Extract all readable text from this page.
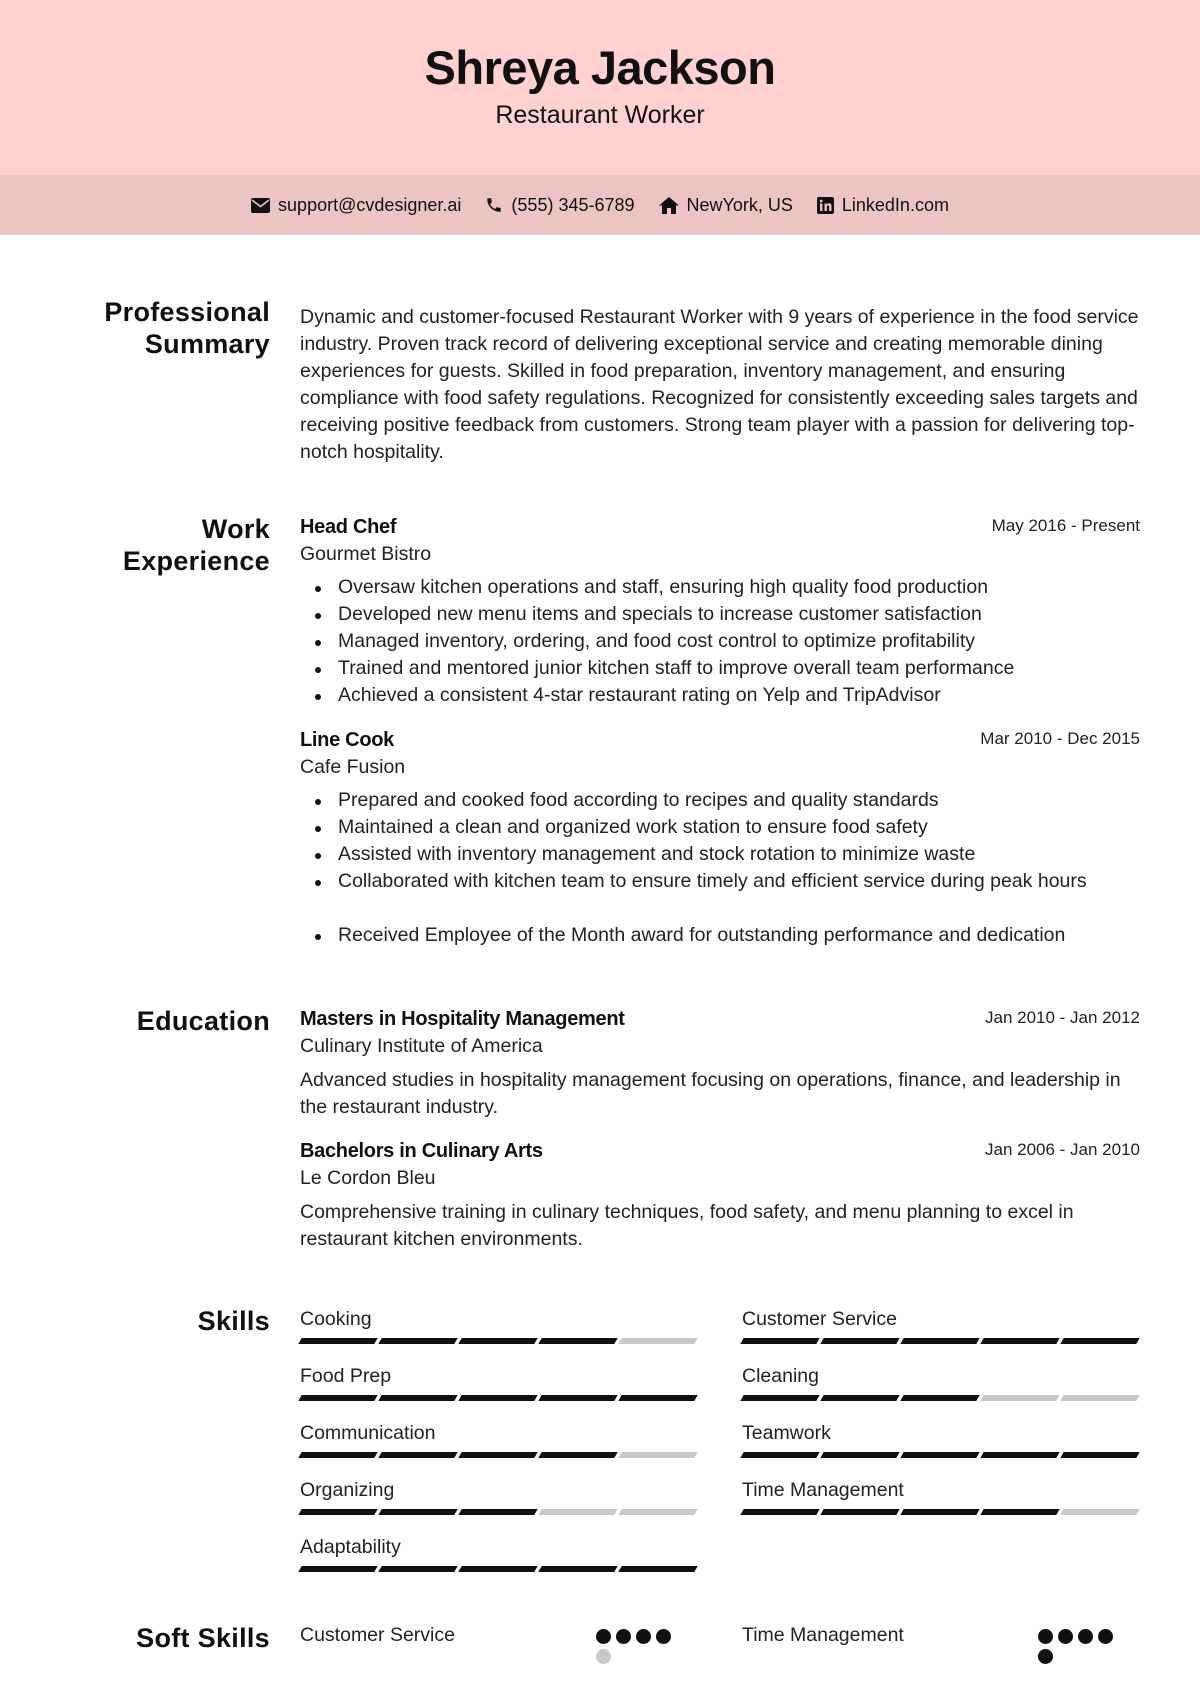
Shreya Jackson
Restaurant Worker
support@cvdesigner.ai	(555) 345-6789	NewYork, US	LinkedIn.com
Professional
Summary

Dynamic and customer-focused Restaurant Worker with 9 years of experience in the food service industry. Proven track record of delivering exceptional service and creating memorable dining experiences for guests. Skilled in food preparation, inventory management, and ensuring compliance with food safety regulations. Recognized for consistently exceeding sales targets and receiving positive feedback from customers. Strong team player with a passion for delivering top-notch hospitality.

Work
Experience
Head Chef	May 2016 - Present
Gourmet Bistro
Oversaw kitchen operations and staff, ensuring high quality food production
Developed new menu items and specials to increase customer satisfaction
Managed inventory, ordering, and food cost control to optimize profitability
Trained and mentored junior kitchen staff to improve overall team performance
Achieved a consistent 4-star restaurant rating on Yelp and TripAdvisor
Line Cook	Mar 2010 - Dec 2015
Cafe Fusion
Prepared and cooked food according to recipes and quality standards
Maintained a clean and organized work station to ensure food safety
Assisted with inventory management and stock rotation to minimize waste
Collaborated with kitchen team to ensure timely and efficient service during peak hours
Received Employee of the Month award for outstanding performance and dedication
Education Masters in Hospitality Management	Jan 2010 - Jan 2012
Culinary Institute of America

Advanced studies in hospitality management focusing on operations, finance, and leadership in the restaurant industry.

Bachelors in Culinary Arts	Jan 2006 - Jan 2010
Le Cordon Bleu

Comprehensive training in culinary techniques, food safety, and menu planning to excel in restaurant kitchen environments.

Skills Cooking	Customer Service
Food Prep	Cleaning
Communication	Teamwork
Organizing	Time Management
Adaptability
Soft Skills Customer Service	Time Management
